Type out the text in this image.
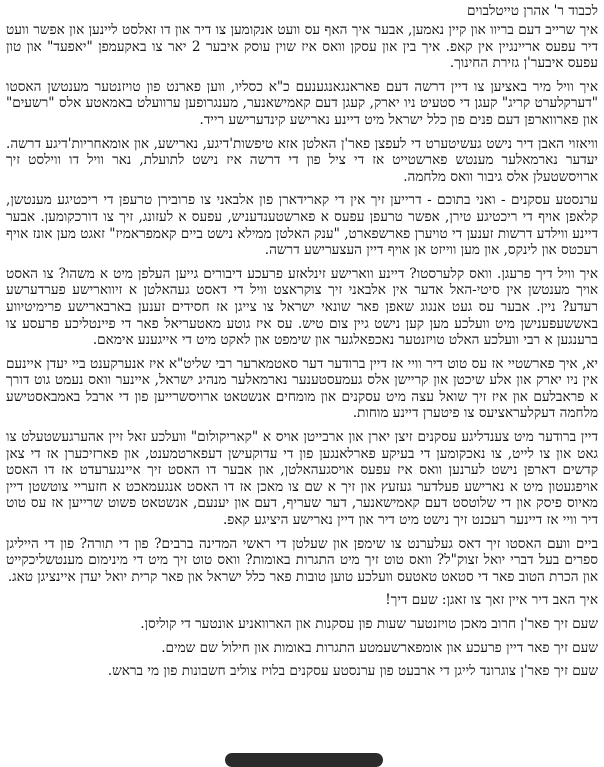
לכבוד ר' אהרן טייטלבוים

איך שרייב דעם בריוו און קיין נאמען, אבער איך האף עס וועט אנקומען צו דיר און דו זאלסט ליינען און אפשר וועט דיר עפעס אריינגיין אין קאפ. איך בין און עסקן וואס איז שוין עוסק איבער 2 יאר צו באקעמפן "יאפעד" און טון עפעס איבער'ן גזירת החינוך.

איך וויל מיר באציען צו דיין דרשה דעם פאראנגאנגענעם כ"א כסליו, ווען פארנט פון טויזנטער מענטשן האסטו "דערקלערט קריג" קעגן די סטעיט ניו יארק, קעגן דעם קאמישאנער, מענגרופען ערוועלט באמאטע אלס "רשעים" און פארווארפן דעם פנים פון כלל ישראל מיט דיינע נארישע קינדערישע רייד.

וויאזוי האבן דיר נישט געשיטערט די לעפצן פאר'ן האלטן אזא טיפשות'דיגע, נארישע, און אומאחריות'דיגע דרשה. יעדער נארמאלער מענטש פארשטייט אז די ציל פון די דרשה איז נישט לתועלת, נאר וויל דו ווילסט זיך ארויסשטעלן אלס גיבור וואס מלחמה.

ערנסטע עסקנים - ואני בתוכם - דרייען זיך אין די קארידארן פון אלבאני צו פרובירן טרעפן די ריכטיגע מענטשן, קלאפן אויף די ריכטיגע טירן, אפשר טרעפן עפעס א פארשטענדעניש, עפעס א לעזונג, זיך צו דורכקומען. אבער דיינע ווילדע דרשות זענען די טויערן פארשפארט, "ענק האלטן ממילא נישט ביים קאמפראמיז" זאגט מען אונז אויף רעכטס און לינקס, און מען ווייזט אן אויף דיין העצערישע דרשה.

איך וויל דיך פרעגן. וואס קלערסטו? דיינע ווארישע זינלאזע פרעכע דיבורים גייען העלפן מיט א משהו? צו האסט אויך מענטשן אין סיטי-האל אדער אין אלבאני זיך צוקראצט וויל די דאסט געהאלטן א זיווארישע פערדערשע רעדע? ניין. אבער עס געט אנגוג שאפן פאר שונאי ישראל צו צייגן אז חסידים זענען בארבארישע פרימיטיווע באששעפענישן מיט וועלכע מען קען נישט גיין צום טיש. עס איז גוטע מאטעריאל פאר די פיינטליכע פרעסע צו ברענגען א רבי וועלכע האלט טויזנטער נאכפאלגער און שימפט און לאקט מיט די אייגענע אימאם.

יא, איך פארשטיי אז עס טוט דיר וויי אז דיין ברודער דער סאטמארער רבי שליט"א איז אנערקענט ביי יעדן איינעם אין ניו יארק און אלע שיכטן און קריישן אלס געמעסטענער נארמאלער מנהיג ישראל, איינער וואס נעמט גוט דורך א פראבלעם און איז זיך שואל עצה מיט עסקנים און מומחים אנשטאט ארויסשרייען פון די ארבל באמבאסטישע מלחמה דעקלעראציעס צו פיטערן דיינע מוחות.

דיין ברודער מיט צענדליגע עסקנים זיצן יארן און ארבייטן אויס א "קאריקולום" וועלכע זאל זיין אהערגעשטעלט צו גאט און צו לייט, צו נאכקומען די בעיקע פארלאנגען פון די עדוקעישן דעפארטמענט, און פארזיכערן אז די צאן קדשים דארפן נישט לערנען וואס איז עפעס אויסגעהאלטן, און אבער דו האסט זיך איינגערעדט אז דו האסט אויפגעטון מיט א נארישע פעלדער געזעץ און זיך א שם צו מאכן אז דו האסט אנגעמאכט א חזעריי צוטשטן דיין מאיוס פיסק און די שלוטסט דעם קאמישאנער, דער שעריף, דעם און יענעם, אנשטאט פשוט שרייען אז עס טוט דיר וויי אז דיינער רעכנט זיך נישט מיט דיר און דיין נארישע היציגע קאפ.

ביים וועם האסטו זיך דאס געלערנט צו שימפן און שעלטן די ראשי המדינה ברבים? פון די תורה? פון די הייליגן ספרים בעל דברי יואל זצוק"ל? וואס טוט זיך מיט התגרות באומות? וואס טוט זיך מיט די מינימום מענטשליכקייט און הכרת הטוב פאר די סטאט טאטעס וועלכע טוען טובות פאר כלל ישראל און פאר קרית יואל יעדן איינציגן טאג.

איך האב דיר איין זאך צו זאגן: שעם דיך!

שעם זיך פאר'ן חרוב מאכן טויזנטער שעות פון עסקנות און הארוואניע אונטער די קוליסן.

שעם זיך פאר דיין פרעכע און אומפארשעמטע התגרות באומות און חילול שם שמים.

שעם זיך פאר'ן צוגרונד לייגן די ארבעט פון ערנסטע עסקנים בלויז צוליב חשבונות פון מי בראש.
